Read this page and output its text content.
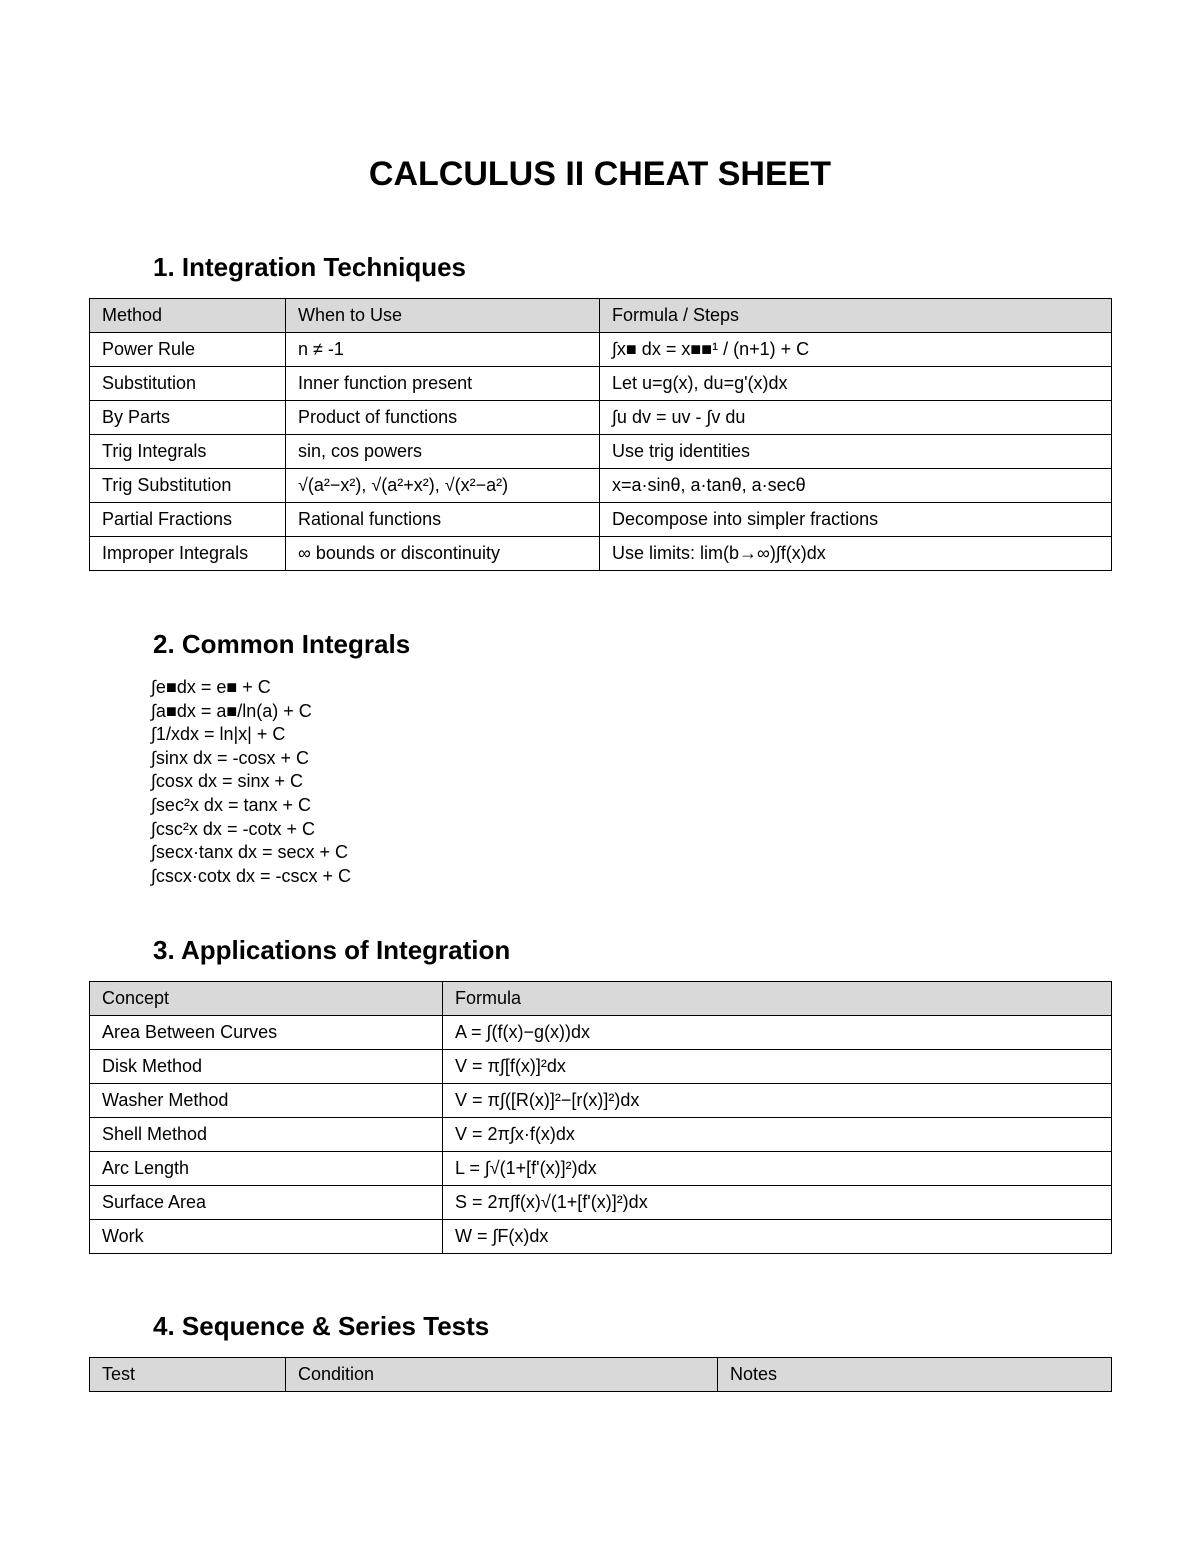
CALCULUS II CHEAT SHEET
1. Integration Techniques
Method	When to Use	Formula / Steps
Power Rule	n ≠ -1	∫x■ dx = x■■¹ / (n+1) + C
Substitution	Inner function present	Let u=g(x), du=g'(x)dx
By Parts	Product of functions	∫u dv = uv - ∫v du
Trig Integrals	sin, cos powers	Use trig identities
Trig Substitution	√(a²−x²), √(a²+x²), √(x²−a²)	x=a·sinθ, a·tanθ, a·secθ
Partial Fractions	Rational functions	Decompose into simpler fractions
Improper Integrals	∞ bounds or discontinuity	Use limits: lim(b→∞)∫f(x)dx
2. Common Integrals
∫e■dx = e■ + C
∫a■dx = a■/ln(a) + C
∫1/xdx = ln|x| + C
∫sinx dx = -cosx + C
∫cosx dx = sinx + C
∫sec²x dx = tanx + C
∫csc²x dx = -cotx + C
∫secx·tanx dx = secx + C
∫cscx·cotx dx = -cscx + C
3. Applications of Integration
Concept	Formula
Area Between Curves	A = ∫(f(x)−g(x))dx
Disk Method	V = π∫[f(x)]²dx
Washer Method	V = π∫([R(x)]²−[r(x)]²)dx
Shell Method	V = 2π∫x·f(x)dx
Arc Length	L = ∫√(1+[f'(x)]²)dx
Surface Area	S = 2π∫f(x)√(1+[f'(x)]²)dx
Work	W = ∫F(x)dx
4. Sequence & Series Tests
Test	Condition	Notes
